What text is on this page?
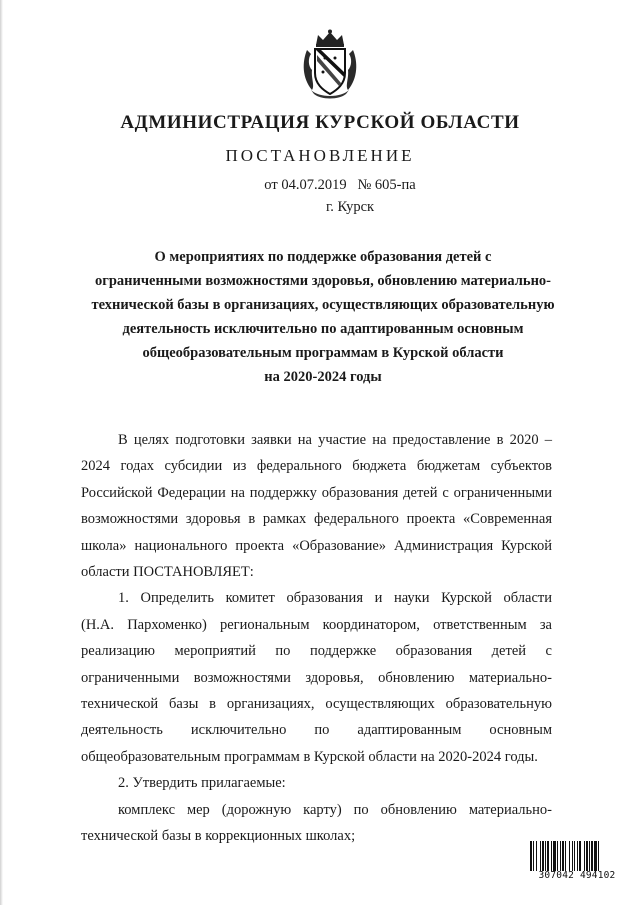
АДМИНИСТРАЦИЯ КУРСКОЙ ОБЛАСТИ
ПОСТАНОВЛЕНИЕ
от 04.07.2019   № 605-па
г. Курск
О мероприятиях по поддержке образования детей с
ограниченными возможностями здоровья, обновлению материально-
технической базы в организациях, осуществляющих образовательную
деятельность исключительно по адаптированным основным
общеобразовательным программам в Курской области
на 2020-2024 годы
В целях подготовки заявки на участие на предоставление в 2020 –
2024 годах субсидии из федерального бюджета бюджетам субъектов
Российской Федерации на поддержку образования детей с ограниченными
возможностями здоровья в рамках федерального проекта «Современная
школа» национального проекта «Образование» Администрация Курской
области ПОСТАНОВЛЯЕТ:
1. Определить комитет образования и науки Курской области
(Н.А. Пархоменко) региональным координатором, ответственным за
реализацию мероприятий по поддержке образования детей с
ограниченными возможностями здоровья, обновлению материально-
технической базы в организациях, осуществляющих образовательную
деятельность исключительно по адаптированным основным
общеобразовательным программам в Курской области на 2020-2024 годы.
2. Утвердить прилагаемые:
комплекс мер (дорожную карту) по обновлению материально-
технической базы в коррекционных школах;
307042 494102
